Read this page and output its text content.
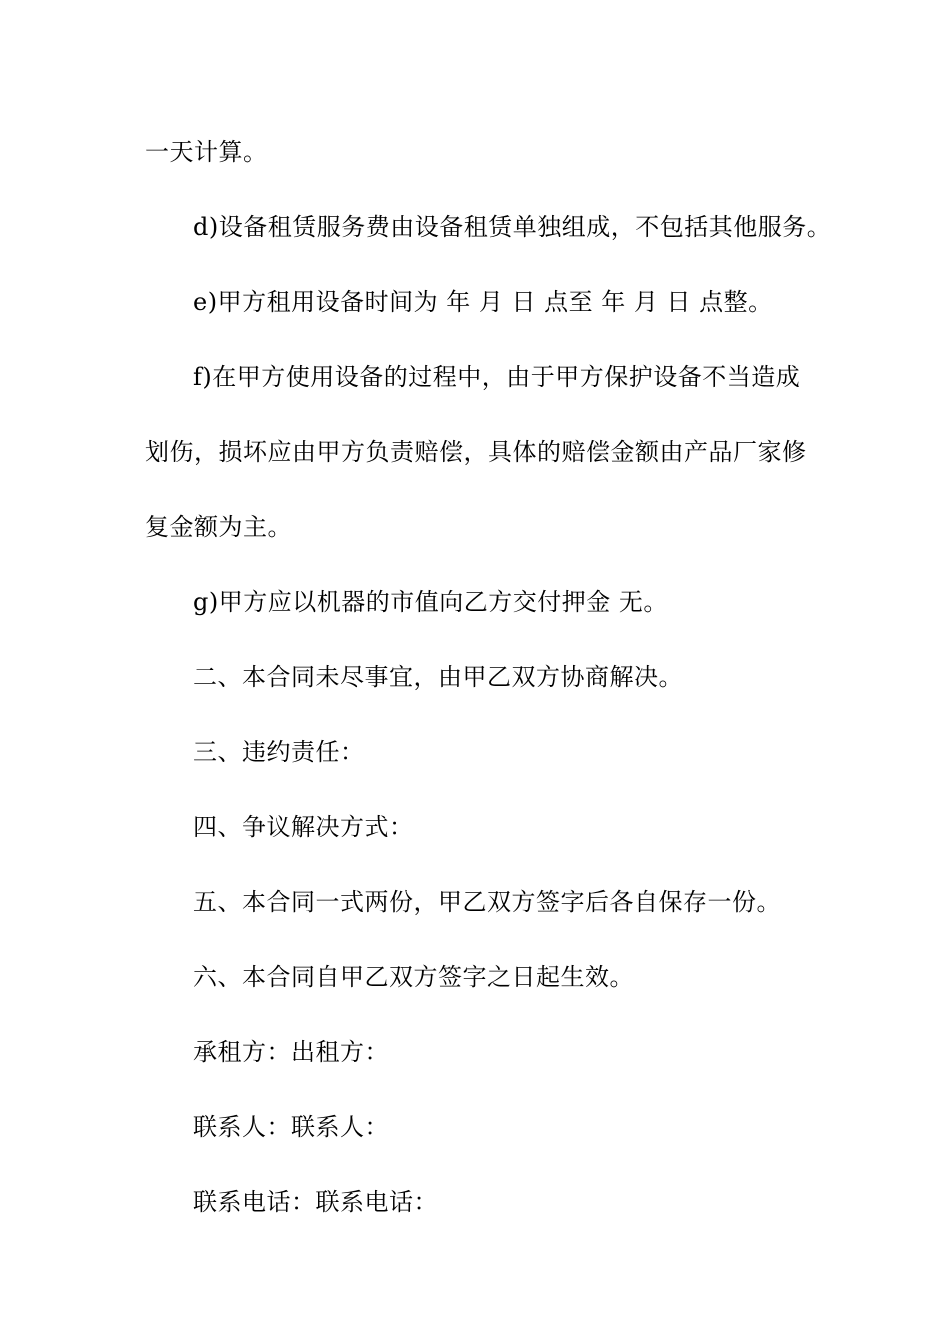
一天计算。
d)设备租赁服务费由设备租赁单独组成，不包括其他服务。
e)甲方租用设备时间为 年 月 日 点至 年 月 日 点整。
f)在甲方使用设备的过程中，由于甲方保护设备不当造成
划伤，损坏应由甲方负责赔偿，具体的赔偿金额由产品厂家修
复金额为主。
g)甲方应以机器的市值向乙方交付押金 无。
二、本合同未尽事宜，由甲乙双方协商解决。
三、违约责任：
四、争议解决方式：
五、本合同一式两份，甲乙双方签字后各自保存一份。
六、本合同自甲乙双方签字之日起生效。
承租方：出租方：
联系人：联系人：
联系电话：联系电话：
